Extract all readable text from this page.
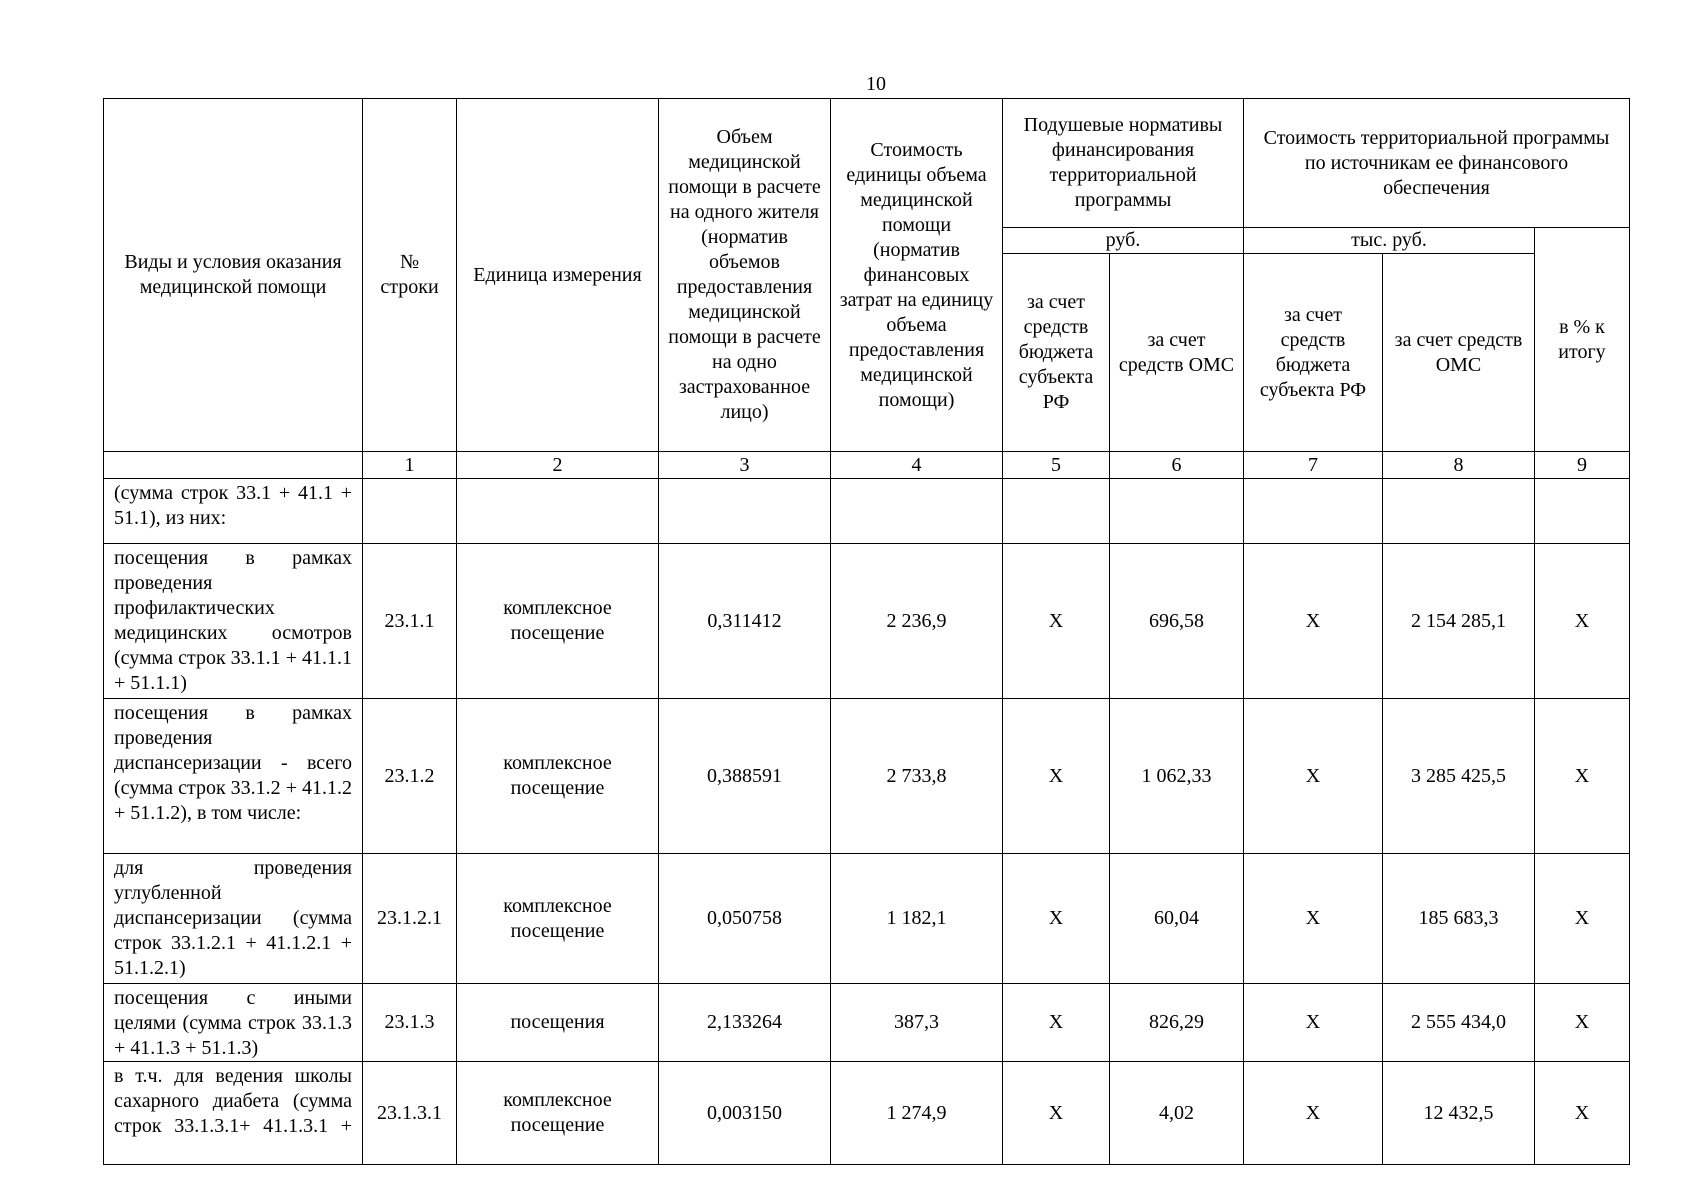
10
Виды и условия оказания медицинской помощи	№ строки	Единица измерения	Объем медицинской помощи в расчете на одного жителя (норматив объемов предоставления медицинской помощи в расчете на одно застрахованное лицо)	Стоимость единицы объема медицинской помощи (норматив финансовых затрат на единицу объема предоставления медицинской помощи)	Подушевые нормативы финансирования территориальной программы		Стоимость территориальной программы по источникам ее финансового обеспечения		
					руб.		тыс. руб.		в % к итогу
					за счет средств бюджета субъекта РФ	за счет средств ОМС	за счет средств бюджета субъекта РФ	за счет средств ОМС	
	1	2	3	4	5	6	7	8	9
(сумма строк 33.1 + 41.1 + 51.1), из них:									
посещения в рамках проведения профилактических медицинских осмотров (сумма строк 33.1.1 + 41.1.1 + 51.1.1)	23.1.1	комплексное посещение	0,311412	2 236,9	Х	696,58	Х	2 154 285,1	Х
посещения в рамках проведения диспансеризации - всего (сумма строк 33.1.2 + 41.1.2 + 51.1.2), в том числе:	23.1.2	комплексное посещение	0,388591	2 733,8	Х	1 062,33	Х	3 285 425,5	Х
для проведения углубленной диспансеризации (сумма строк 33.1.2.1 + 41.1.2.1 + 51.1.2.1)	23.1.2.1	комплексное посещение	0,050758	1 182,1	Х	60,04	Х	185 683,3	Х
посещения с иными целями (сумма строк 33.1.3 + 41.1.3 + 51.1.3)	23.1.3	посещения	2,133264	387,3	Х	826,29	Х	2 555 434,0	Х
в т.ч. для ведения школы сахарного диабета (сумма строк 33.1.3.1+ 41.1.3.1 +	23.1.3.1	комплексное посещение	0,003150	1 274,9	Х	4,02	Х	12 432,5	Х
